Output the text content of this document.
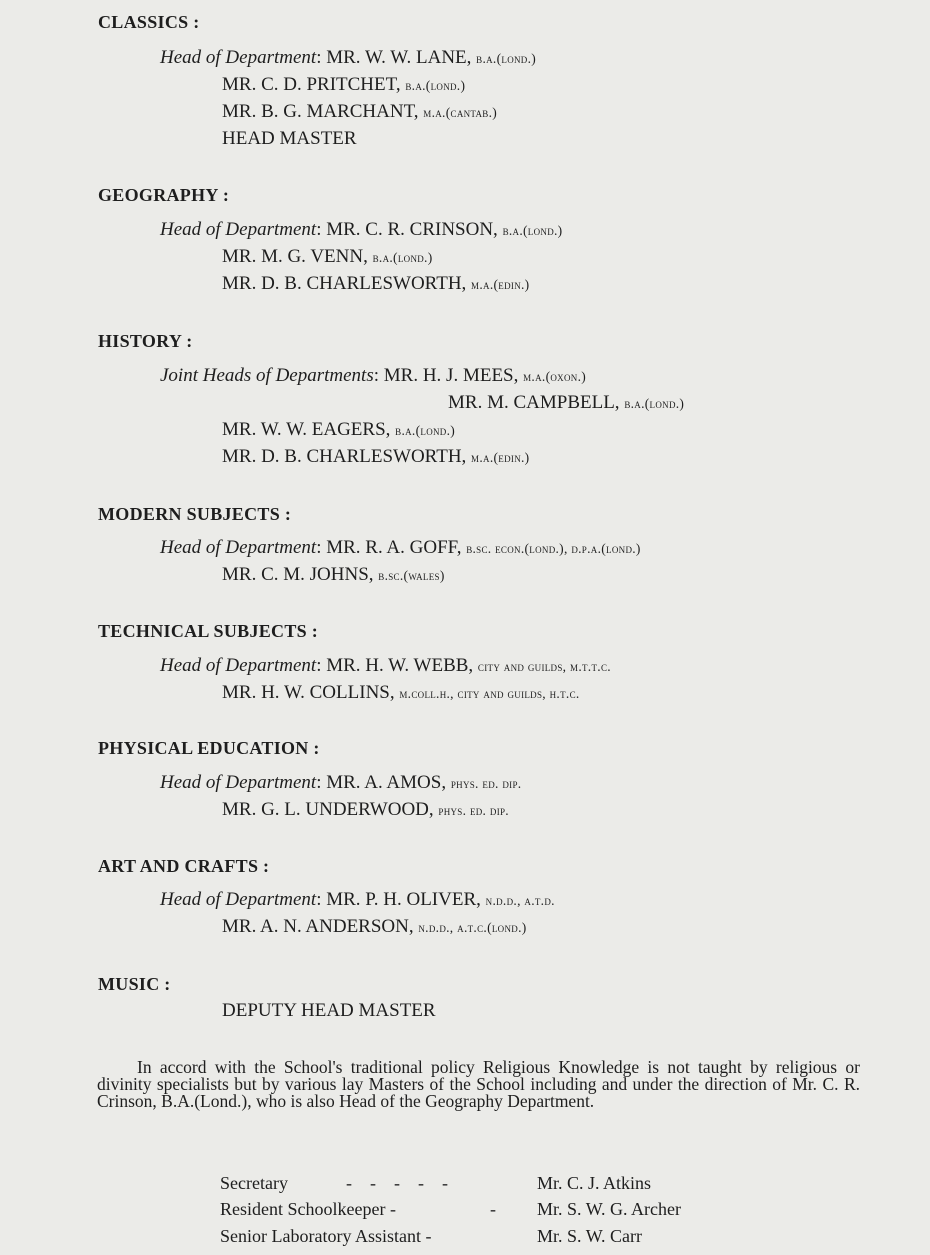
CLASSICS :
Head of Department: MR. W. W. LANE, b.a.(lond.)
MR. C. D. PRITCHET, b.a.(lond.)
MR. B. G. MARCHANT, m.a.(cantab.)
HEAD MASTER
GEOGRAPHY :
Head of Department: MR. C. R. CRINSON, b.a.(lond.)
MR. M. G. VENN, b.a.(lond.)
MR. D. B. CHARLESWORTH, m.a.(edin.)
HISTORY :
Joint Heads of Departments: MR. H. J. MEES, m.a.(oxon.)
MR. M. CAMPBELL, b.a.(lond.)
MR. W. W. EAGERS, b.a.(lond.)
MR. D. B. CHARLESWORTH, m.a.(edin.)
MODERN SUBJECTS :
Head of Department: MR. R. A. GOFF, b.sc. econ.(lond.), d.p.a.(lond.)
MR. C. M. JOHNS, b.sc.(wales)
TECHNICAL SUBJECTS :
Head of Department: MR. H. W. WEBB, city and guilds, m.t.t.c.
MR. H. W. COLLINS, m.coll.h., city and guilds, h.t.c.
PHYSICAL EDUCATION :
Head of Department: MR. A. AMOS, phys. ed. dip.
MR. G. L. UNDERWOOD, phys. ed. dip.
ART AND CRAFTS :
Head of Department: MR. P. H. OLIVER, n.d.d., a.t.d.
MR. A. N. ANDERSON, n.d.d., a.t.c.(lond.)
MUSIC :
DEPUTY HEAD MASTER
In accord with the School's traditional policy Religious Knowledge is not taught by religious or divinity specialists but by various lay Masters of the School including and under the direction of Mr. C. R. Crinson, B.A.(Lond.), who is also Head of the Geography Department.
Secretary	-    -    -    -    -	Mr. C. J. Atkins
Resident Schoolkeeper -	- Mr. S. W. G. Archer
Senior Laboratory Assistant -	Mr. S. W. Carr
